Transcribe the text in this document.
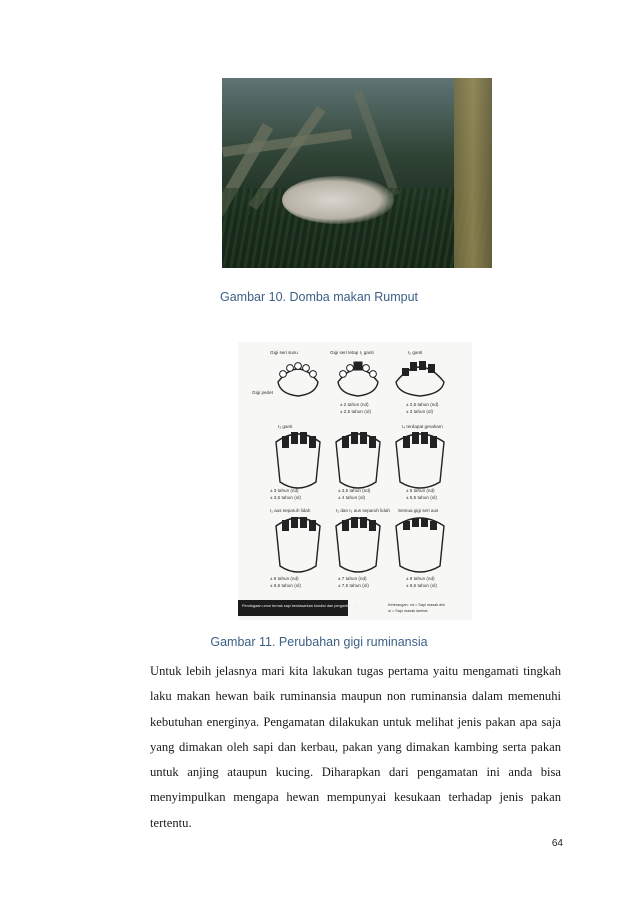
Gambar 10. Domba makan Rumput
Gigi seri susu
Gigi pedet
Gigi seri tetap I₁ ganti
± 2 tahun (nd)
± 2,5 tahun (ol)
I₂ ganti
± 2,5 tahun (nd)
± 3 tahun (ol)
I₃ ganti
± 3 tahun (nd)
± 3,5 tahun (ol)
± 3,5 tahun (nd)
± 4 tahun (ol)
I₄ terdapat geraham
± 5 tahun (nd)
± 5,5 tahun (ol)
I₁ aus separuh lidah
± 6 tahun (nd)
± 6,5 tahun (ol)
I₂ dan I₃ aus separuh lidah
± 7 tahun (nd)
± 7,5 tahun (ol)
Semua gigi seri aus
± 8 tahun (nd)
± 8,5 tahun (ol)
Pendugaan umur ternak sapi berdasarkan kondisi dan pergantian gigi	Keterangan: nd = Sapi masak dini
ol = Sapi masak lambat
Gambar 11. Perubahan gigi ruminansia

Untuk lebih jelasnya mari kita lakukan tugas pertama yaitu mengamati tingkah laku makan hewan baik ruminansia maupun non ruminansia dalam memenuhi kebutuhan energinya. Pengamatan dilakukan untuk melihat jenis pakan apa saja yang dimakan oleh sapi dan kerbau, pakan yang dimakan kambing serta pakan untuk anjing ataupun kucing. Diharapkan dari pengamatan ini anda bisa menyimpulkan mengapa hewan mempunyai kesukaan terhadap jenis pakan tertentu.

64
